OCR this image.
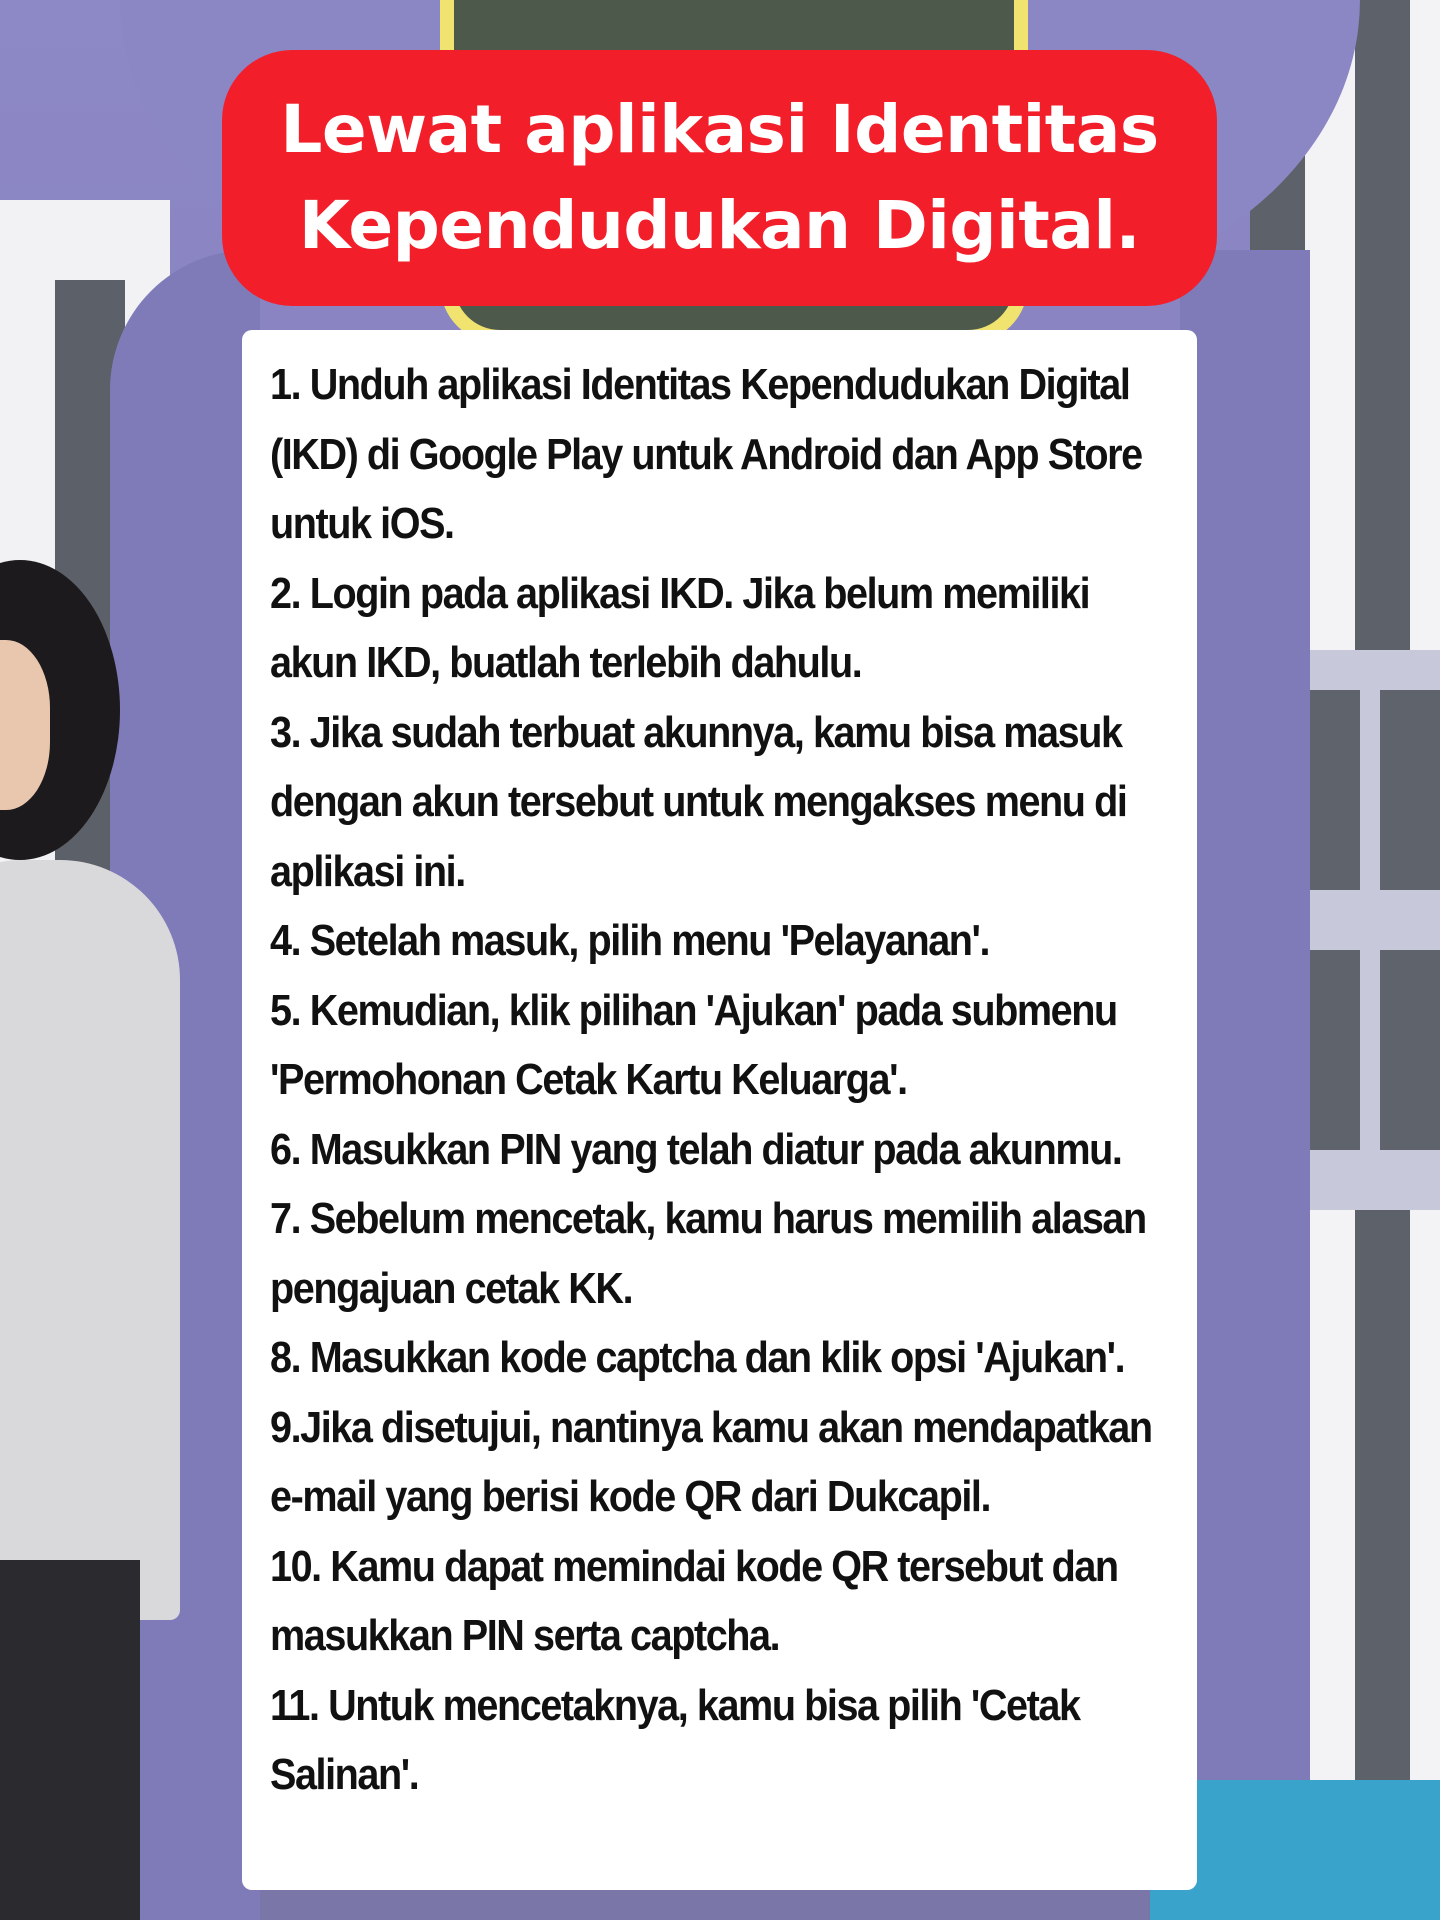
Lewat aplikasi Identitas
Kependudukan Digital.
1. Unduh aplikasi Identitas Kependudukan Digital (IKD) di Google Play untuk Android dan App Store untuk iOS.
2. Login pada aplikasi IKD. Jika belum memiliki akun IKD, buatlah terlebih dahulu.
3. Jika sudah terbuat akunnya, kamu bisa masuk dengan akun tersebut untuk mengakses menu di aplikasi ini.
4. Setelah masuk, pilih menu 'Pelayanan'.
5. Kemudian, klik pilihan 'Ajukan' pada submenu 'Permohonan Cetak Kartu Keluarga'.
6. Masukkan PIN yang telah diatur pada akunmu.
7. Sebelum mencetak, kamu harus memilih alasan pengajuan cetak KK.
8. Masukkan kode captcha dan klik opsi 'Ajukan'.
9.Jika disetujui, nantinya kamu akan mendapatkan e-mail yang berisi kode QR dari Dukcapil.
10. Kamu dapat memindai kode QR tersebut dan masukkan PIN serta captcha.
11. Untuk mencetaknya, kamu bisa pilih 'Cetak Salinan'.
